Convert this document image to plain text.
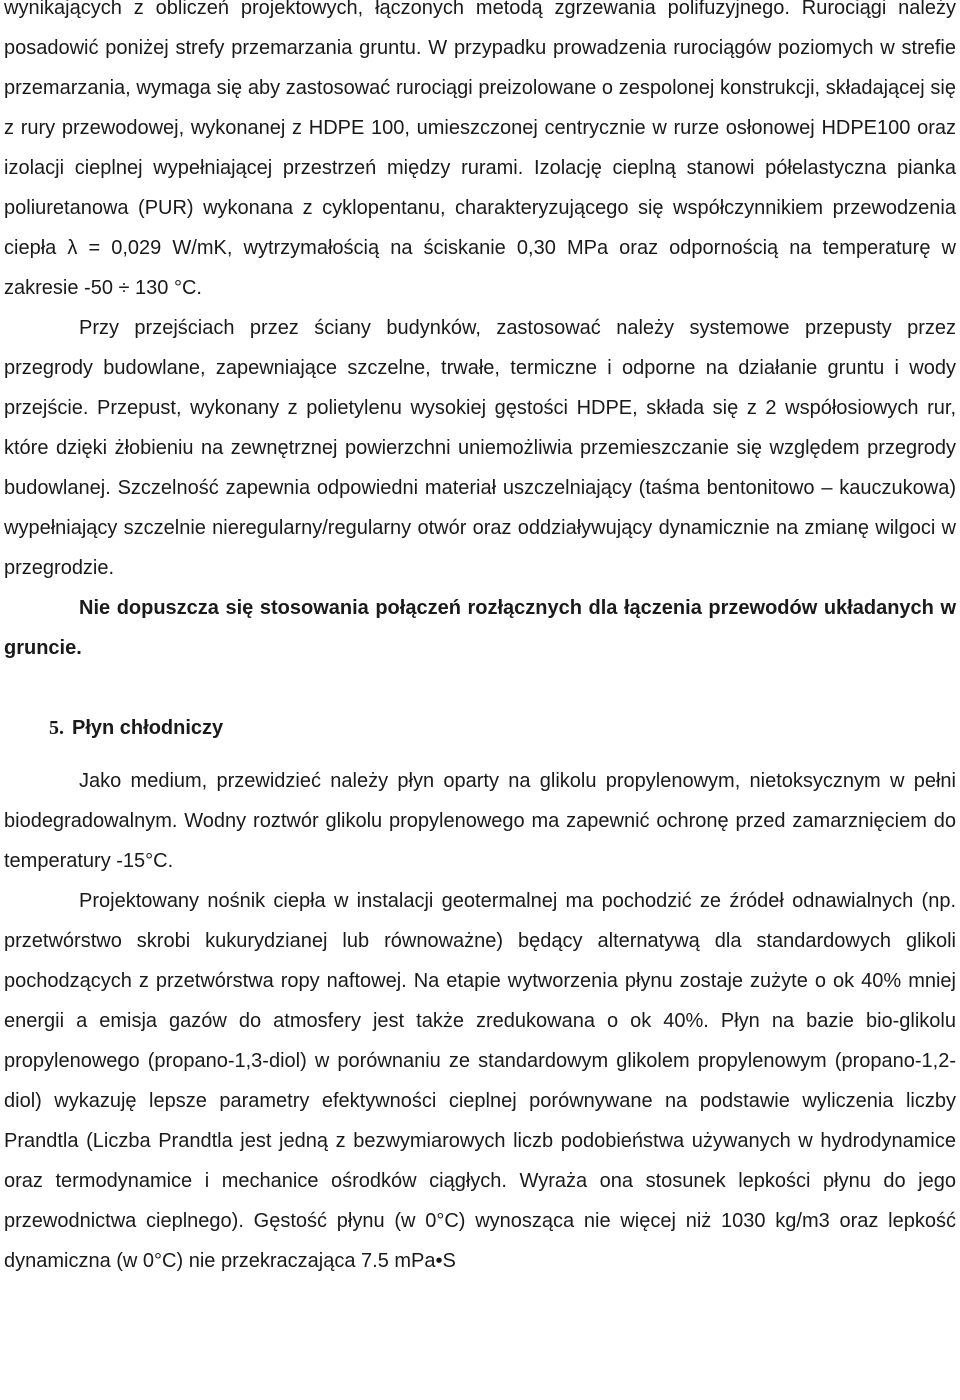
wynikających z obliczeń projektowych, łączonych metodą zgrzewania polifuzyjnego. Rurociągi należy posadowić poniżej strefy przemarzania gruntu. W przypadku prowadzenia rurociągów poziomych w strefie przemarzania, wymaga się aby zastosować rurociągi preizolowane o zespolonej konstrukcji, składającej się z rury przewodowej, wykonanej z HDPE 100, umieszczonej centrycznie w rurze osłonowej HDPE100 oraz izolacji cieplnej wypełniającej przestrzeń między rurami. Izolację cieplną stanowi półelastyczna pianka poliuretanowa (PUR) wykonana z cyklopentanu, charakteryzującego się współczynnikiem przewodzenia ciepła λ = 0,029 W/mK, wytrzymałością na ściskanie 0,30 MPa oraz odpornością na temperaturę w zakresie -50 ÷ 130 °C.

Przy przejściach przez ściany budynków, zastosować należy systemowe przepusty przez przegrody budowlane, zapewniające szczelne, trwałe, termiczne i odporne na działanie gruntu i wody przejście. Przepust, wykonany z polietylenu wysokiej gęstości HDPE, składa się z 2 współosiowych rur, które dzięki żłobieniu na zewnętrznej powierzchni uniemożliwia przemieszczanie się względem przegrody budowlanej. Szczelność zapewnia odpowiedni materiał uszczelniający (taśma bentonitowo – kauczukowa) wypełniający szczelnie nieregularny/regularny otwór oraz oddziaływujący dynamicznie na zmianę wilgoci w przegrodzie.

Nie dopuszcza się stosowania połączeń rozłącznych dla łączenia przewodów układanych w gruncie.

5. Płyn chłodniczy

Jako medium, przewidzieć należy płyn oparty na glikolu propylenowym, nietoksycznym w pełni biodegradowalnym. Wodny roztwór glikolu propylenowego ma zapewnić ochronę przed zamarznięciem do temperatury -15°C.

Projektowany nośnik ciepła w instalacji geotermalnej ma pochodzić ze źródeł odnawialnych (np. przetwórstwo skrobi kukurydzianej lub równoważne) będący alternatywą dla standardowych glikoli pochodzących z przetwórstwa ropy naftowej. Na etapie wytworzenia płynu zostaje zużyte o ok 40% mniej energii a emisja gazów do atmosfery jest także zredukowana o ok 40%. Płyn na bazie bio-glikolu propylenowego (propano-1,3-diol) w porównaniu ze standardowym glikolem propylenowym (propano-1,2-diol) wykazuję lepsze parametry efektywności cieplnej porównywane na podstawie wyliczenia liczby Prandtla (Liczba Prandtla jest jedną z bezwymiarowych liczb podobieństwa używanych w hydrodynamice oraz termodynamice i mechanice ośrodków ciągłych. Wyraża ona stosunek lepkości płynu do jego przewodnictwa cieplnego). Gęstość płynu (w 0°C) wynosząca nie więcej niż 1030 kg/m3 oraz lepkość dynamiczna (w 0°C) nie przekraczająca 7.5 mPa•S
